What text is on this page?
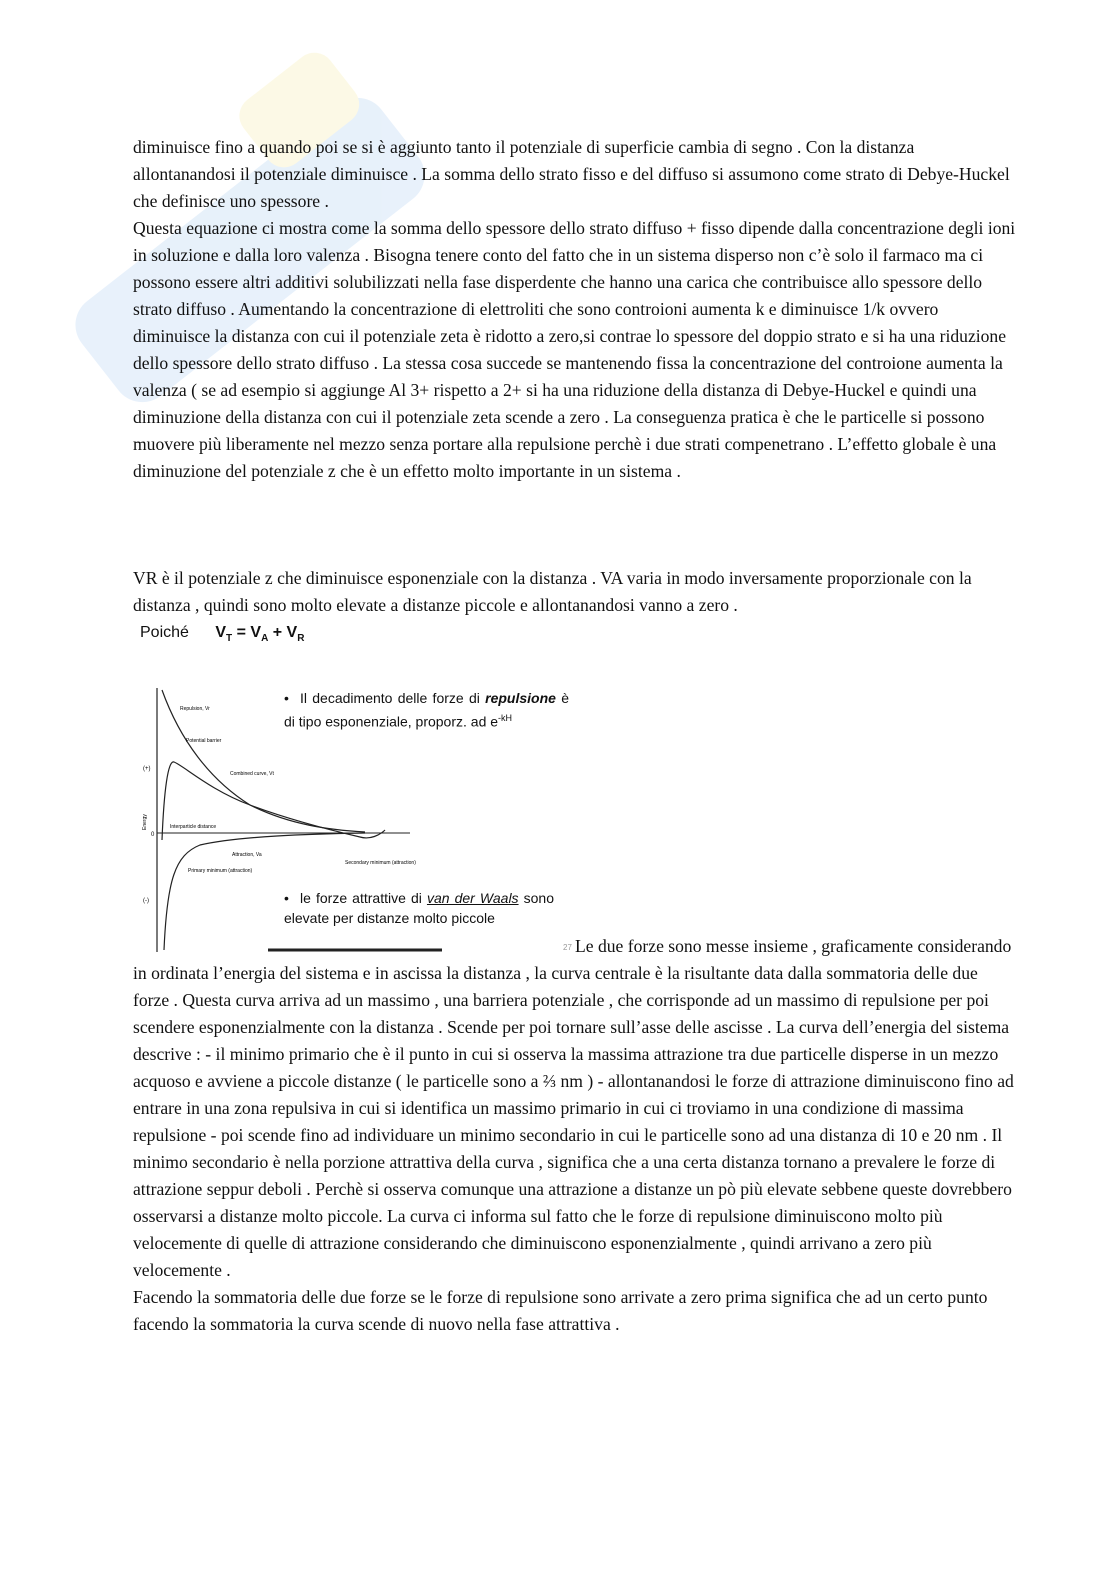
diminuisce fino a quando poi se si è aggiunto tanto il potenziale di superficie cambia di segno . Con la distanza allontanandosi il potenziale diminuisce . La somma dello strato fisso e del diffuso si assumono come strato di Debye-Huckel che definisce uno spessore .
Questa equazione ci mostra come la somma dello spessore dello strato diffuso + fisso dipende dalla concentrazione degli ioni in soluzione e dalla loro valenza . Bisogna tenere conto del fatto che in un sistema disperso non c’è solo il farmaco ma ci possono essere altri additivi solubilizzati nella fase disperdente che hanno una carica che contribuisce allo spessore dello strato diffuso . Aumentando la concentrazione di elettroliti che sono controioni aumenta k e diminuisce 1/k ovvero diminuisce la distanza con cui il potenziale zeta è ridotto a zero,si contrae lo spessore del doppio strato e si ha una riduzione dello spessore dello strato diffuso . La stessa cosa succede se mantenendo fissa la concentrazione del controione aumenta la valenza ( se ad esempio si aggiunge Al 3+ rispetto a 2+ si ha una riduzione della distanza di Debye-Huckel e quindi una diminuzione della distanza con cui il potenziale zeta scende a zero . La conseguenza pratica è che le particelle si possono muovere più liberamente nel mezzo senza portare alla repulsione perchè i due strati compenetrano . L’effetto globale è una diminuzione del potenziale z che è un effetto molto importante in un sistema .

VR è il potenziale z che diminuisce esponenziale con la distanza . VA varia in modo inversamente proporzionale con la distanza , quindi sono molto elevate a distanze piccole e allontanandosi vanno a zero .

Poiché $V_T = V_A + V_R$
Repulsion, Vr
Potential barrier
Combined curve, Vt
Interparticle distance
Attraction, Va
Primary minimum (attraction)
Secondary minimum (attraction)
(+)
(-)
Energy
0
• Il decadimento delle forze di repulsione è di tipo esponenziale, proporz. ad $e^{-kH}$
• le forze attrattive di van der Waals sono elevate per distanze molto piccole
27 Le due forze sono messe insieme , graficamente considerando in ordinata l’energia del sistema e in ascissa la distanza , la curva centrale è la risultante data dalla sommatoria delle due forze . Questa curva arriva ad un massimo , una barriera potenziale , che corrisponde ad un massimo di repulsione per poi scendere esponenzialmente con la distanza . Scende per poi tornare sull’asse delle ascisse . La curva dell’energia del sistema descrive : - il minimo primario che è il punto in cui si osserva la massima attrazione tra due particelle disperse in un mezzo acquoso e avviene a piccole distanze ( le particelle sono a ⅔ nm ) - allontanandosi le forze di attrazione diminuiscono fino ad entrare in una zona repulsiva in cui si identifica un massimo primario in cui ci troviamo in una condizione di massima repulsione - poi scende fino ad individuare un minimo secondario in cui le particelle sono ad una distanza di 10 e 20 nm . Il minimo secondario è nella porzione attrattiva della curva , significa che a una certa distanza tornano a prevalere le forze di attrazione seppur deboli . Perchè si osserva comunque una attrazione a distanze un pò più elevate sebbene queste dovrebbero osservarsi a distanze molto piccole. La curva ci informa sul fatto che le forze di repulsione diminuiscono molto più velocemente di quelle di attrazione considerando che diminuiscono esponenzialmente , quindi arrivano a zero più velocemente .
Facendo la sommatoria delle due forze se le forze di repulsione sono arrivate a zero prima significa che ad un certo punto facendo la sommatoria la curva scende di nuovo nella fase attrattiva .
